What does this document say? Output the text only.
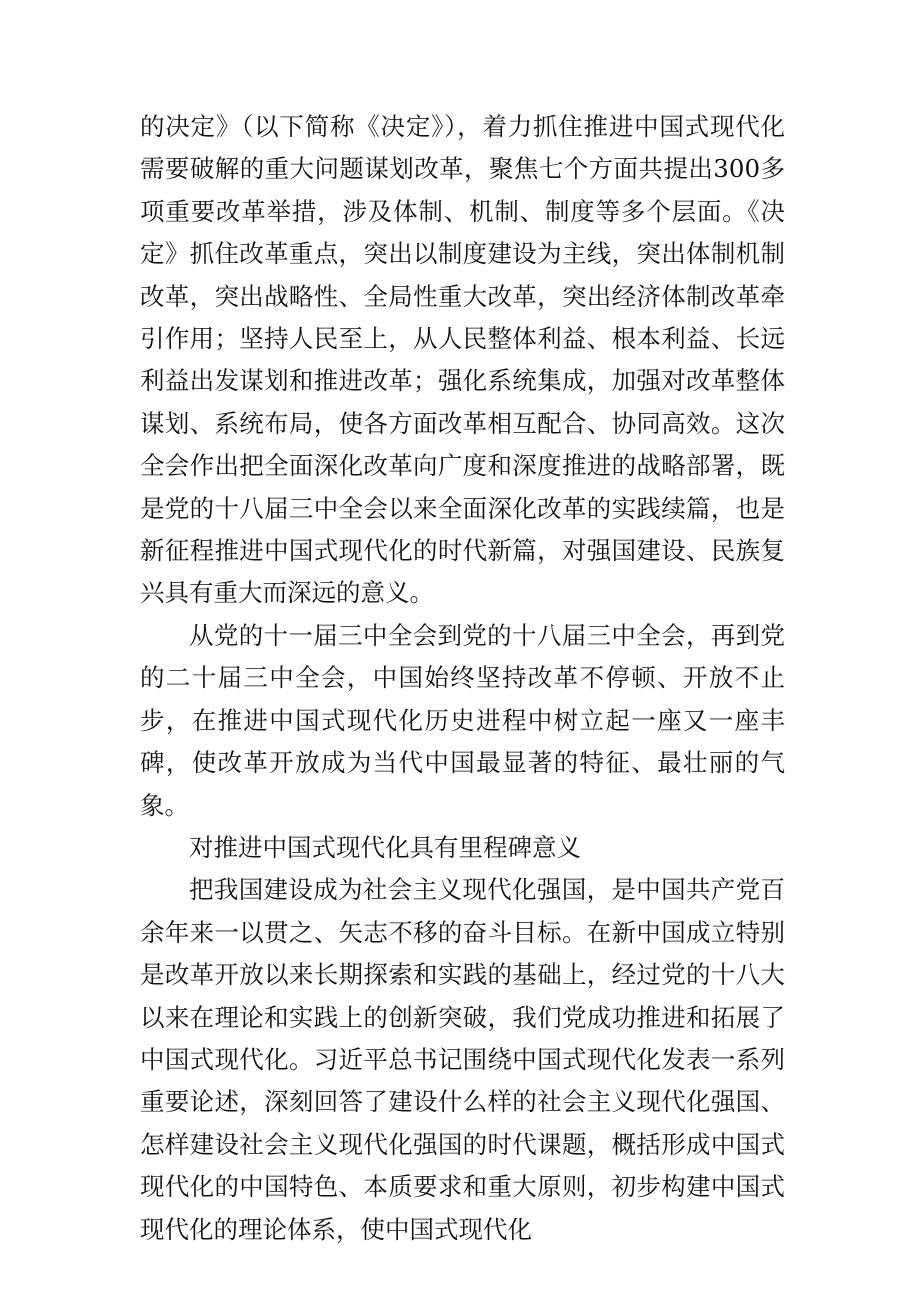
的决定》（以下简称《决定》），着力抓住推进中国式现代化需要破解的重大问题谋划改革，聚焦七个方面共提出300多项重要改革举措，涉及体制、机制、制度等多个层面。《决定》抓住改革重点，突出以制度建设为主线，突出体制机制改革，突出战略性、全局性重大改革，突出经济体制改革牵引作用；坚持人民至上，从人民整体利益、根本利益、长远利益出发谋划和推进改革；强化系统集成，加强对改革整体谋划、系统布局，使各方面改革相互配合、协同高效。这次全会作出把全面深化改革向广度和深度推进的战略部署，既是党的十八届三中全会以来全面深化改革的实践续篇，也是新征程推进中国式现代化的时代新篇，对强国建设、民族复兴具有重大而深远的意义。

从党的十一届三中全会到党的十八届三中全会，再到党的二十届三中全会，中国始终坚持改革不停顿、开放不止步，在推进中国式现代化历史进程中树立起一座又一座丰碑，使改革开放成为当代中国最显著的特征、最壮丽的气象。

对推进中国式现代化具有里程碑意义

把我国建设成为社会主义现代化强国，是中国共产党百余年来一以贯之、矢志不移的奋斗目标。在新中国成立特别是改革开放以来长期探索和实践的基础上，经过党的十八大以来在理论和实践上的创新突破，我们党成功推进和拓展了中国式现代化。习近平总书记围绕中国式现代化发表一系列重要论述，深刻回答了建设什么样的社会主义现代化强国、怎样建设社会主义现代化强国的时代课题，概括形成中国式现代化的中国特色、本质要求和重大原则，初步构建中国式现代化的理论体系，使中国式现代化
